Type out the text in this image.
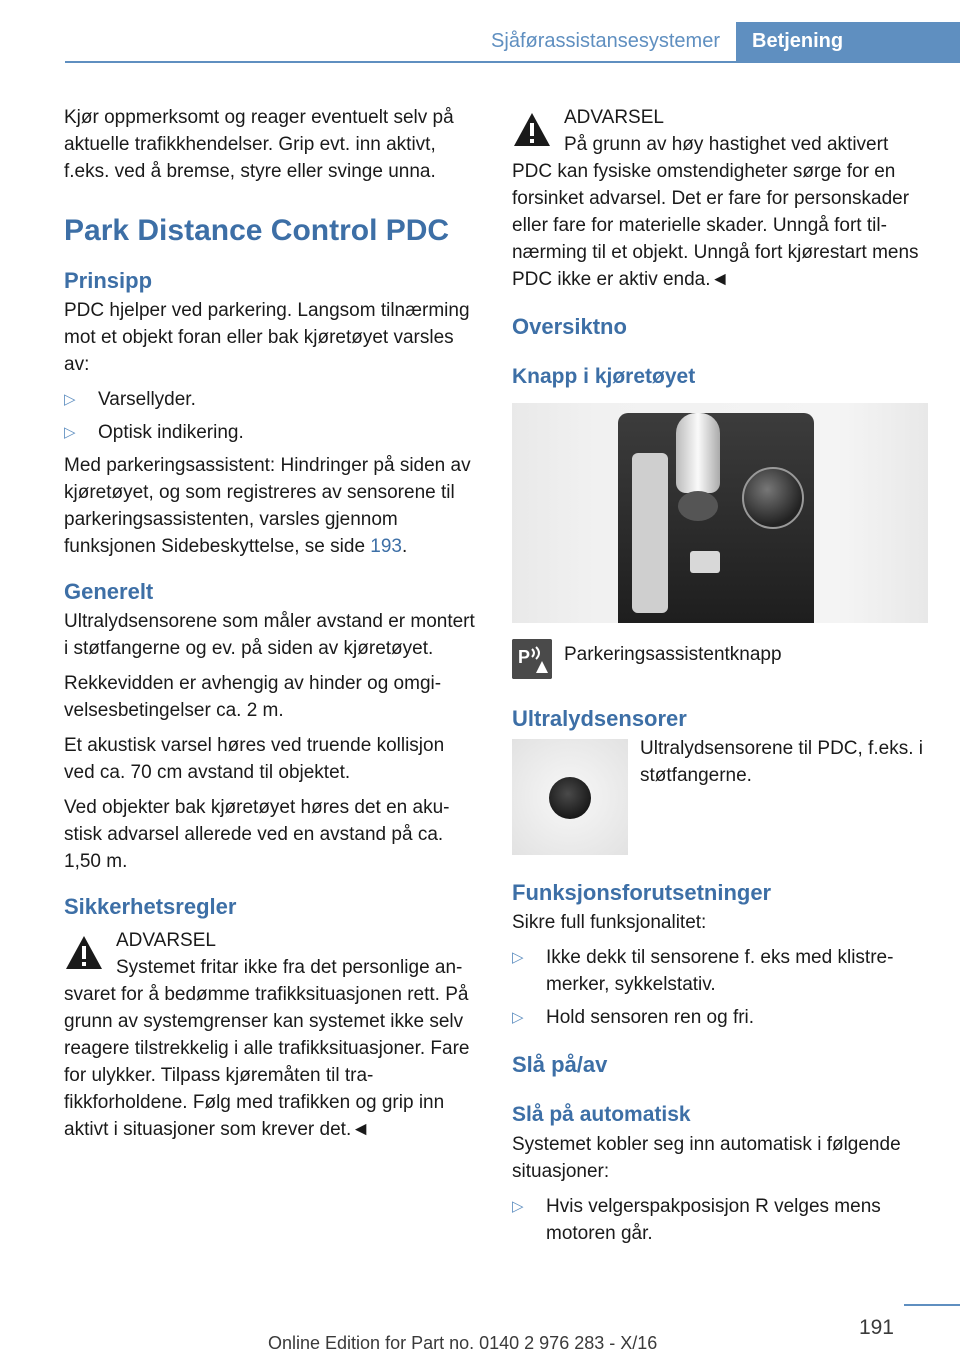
Sjåførassistansesystemer	Betjening

Kjør oppmerksomt og reager eventuelt selv på aktuelle trafikkhendelser. Grip evt. inn aktivt, f.eks. ved å bremse, styre eller svinge unna.

Park Distance Control PDC
Prinsipp

PDC hjelper ved parkering. Langsom tilnærming mot et objekt foran eller bak kjøretøyet varsles av:

▷ Varsellyder.
▷ Optisk indikering.

Med parkeringsassistent: Hindringer på siden av kjøretøyet, og som registreres av sensorene til parkeringsassistenten, varsles gjennom funksjonen Sidebeskyttelse, se side 193.

Generelt

Ultralydsensorene som måler avstand er montert i støtfangerne og ev. på siden av kjøretøyet.

Rekkevidden er avhengig av hinder og omgivelsesbetingelser ca. 2 m.

Et akustisk varsel høres ved truende kollisjon ved ca. 70 cm avstand til objektet.

Ved objekter bak kjøretøyet høres det en akustisk advarsel allerede ved en avstand på ca. 1,50 m.

Sikkerhetsregler
ADVARSEL
Systemet fritar ikke fra det personlige ansvaret for å bedømme trafikksituasjonen rett. På grunn av systemgrenser kan systemet ikke selv reagere tilstrekkelig i alle trafikksituasjoner. Fare for ulykker. Tilpass kjøremåten til trafikkforholdene. Følg med trafikken og grip inn aktivt i situasjoner som krever det.◄
ADVARSEL
På grunn av høy hastighet ved aktivert PDC kan fysiske omstendigheter sørge for en forsinket advarsel. Det er fare for personskader eller fare for materielle skader. Unngå fort tilnærming til et objekt. Unngå fort kjørestart mens PDC ikke er aktiv enda.◄
Oversiktno
Knapp i kjøretøyet
P	Parkeringsassistentknapp
Ultralydsensorer
Ultralydsensorene til PDC, f.eks. i støtfangerne.
Funksjonsforutsetninger

Sikre full funksjonalitet:

▷ Ikke dekk til sensorene f. eks med klistremerker, sykkelstativ.
▷ Hold sensoren ren og fri.
Slå på/av
Slå på automatisk

Systemet kobler seg inn automatisk i følgende situasjoner:

▷ Hvis velgerspakposisjon R velges mens motoren går.
191
Online Edition for Part no. 0140 2 976 283 - X/16
